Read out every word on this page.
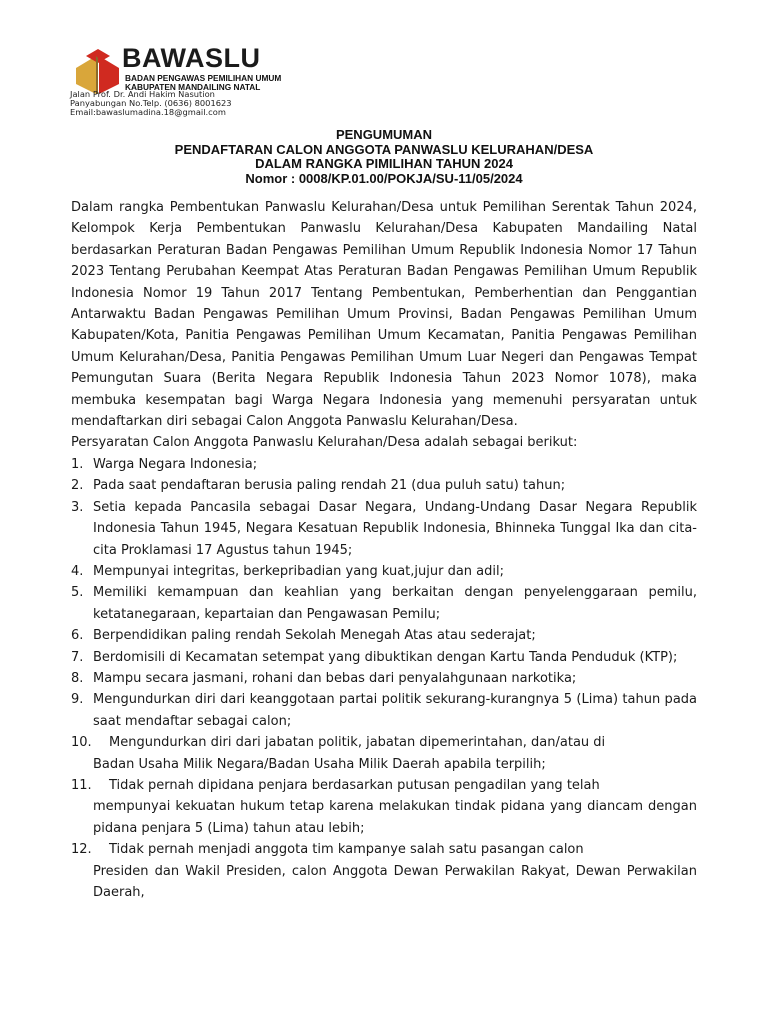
BAWASLU
BADAN PENGAWAS PEMILIHAN UMUM
KABUPATEN MANDAILING NATAL
Jalan Prof. Dr. Andi Hakim Nasution
Panyabungan No.Telp. (0636) 8001623
Email:bawaslumadina.18@gmail.com
PENGUMUMAN
PENDAFTARAN CALON ANGGOTA PANWASLU KELURAHAN/DESA
DALAM RANGKA PIMILIHAN TAHUN 2024
Nomor : 0008/KP.01.00/POKJA/SU-11/05/2024

Dalam rangka Pembentukan Panwaslu Kelurahan/Desa untuk Pemilihan Serentak Tahun 2024, Kelompok Kerja Pembentukan Panwaslu Kelurahan/Desa Kabupaten Mandailing Natal berdasarkan Peraturan Badan Pengawas Pemilihan Umum Republik Indonesia Nomor 17 Tahun 2023 Tentang Perubahan Keempat Atas Peraturan Badan Pengawas Pemilihan Umum Republik Indonesia Nomor 19 Tahun 2017 Tentang Pembentukan, Pemberhentian dan Penggantian Antarwaktu Badan Pengawas Pemilihan Umum Provinsi, Badan Pengawas Pemilihan Umum Kabupaten/Kota, Panitia Pengawas Pemilihan Umum Kecamatan, Panitia Pengawas Pemilihan Umum Kelurahan/Desa, Panitia Pengawas Pemilihan Umum Luar Negeri dan Pengawas Tempat Pemungutan Suara (Berita Negara Republik Indonesia Tahun 2023 Nomor 1078), maka membuka kesempatan bagi Warga Negara Indonesia yang memenuhi persyaratan untuk mendaftarkan diri sebagai Calon Anggota Panwaslu Kelurahan/Desa.

Persyaratan Calon Anggota Panwaslu Kelurahan/Desa adalah sebagai berikut:

1. Warga Negara Indonesia;
2. Pada saat pendaftaran berusia paling rendah 21 (dua puluh satu) tahun;
3. Setia kepada Pancasila sebagai Dasar Negara, Undang-Undang Dasar Negara Republik Indonesia Tahun 1945, Negara Kesatuan Republik Indonesia, Bhinneka Tunggal Ika dan cita-cita Proklamasi 17 Agustus tahun 1945;
4. Mempunyai integritas, berkepribadian yang kuat,jujur dan adil;
5. Memiliki kemampuan dan keahlian yang berkaitan dengan penyelenggaraan pemilu, ketatanegaraan, kepartaian dan Pengawasan Pemilu;
6. Berpendidikan paling rendah Sekolah Menegah Atas atau sederajat;
7. Berdomisili di Kecamatan setempat yang dibuktikan dengan Kartu Tanda Penduduk (KTP);
8. Mampu secara jasmani, rohani dan bebas dari penyalahgunaan narkotika;
9. Mengundurkan diri dari keanggotaan partai politik sekurang-kurangnya 5 (Lima) tahun pada saat mendaftar sebagai calon;
10. Mengundurkan diri dari jabatan politik, jabatan dipemerintahan, dan/atau di
Badan Usaha Milik Negara/Badan Usaha Milik Daerah apabila terpilih;
11. Tidak pernah dipidana penjara berdasarkan putusan pengadilan yang telah
mempunyai kekuatan hukum tetap karena melakukan tindak pidana yang diancam dengan pidana penjara 5 (Lima) tahun atau lebih;
12. Tidak pernah menjadi anggota tim kampanye salah satu pasangan calon
Presiden dan Wakil Presiden, calon Anggota Dewan Perwakilan Rakyat, Dewan Perwakilan Daerah,
